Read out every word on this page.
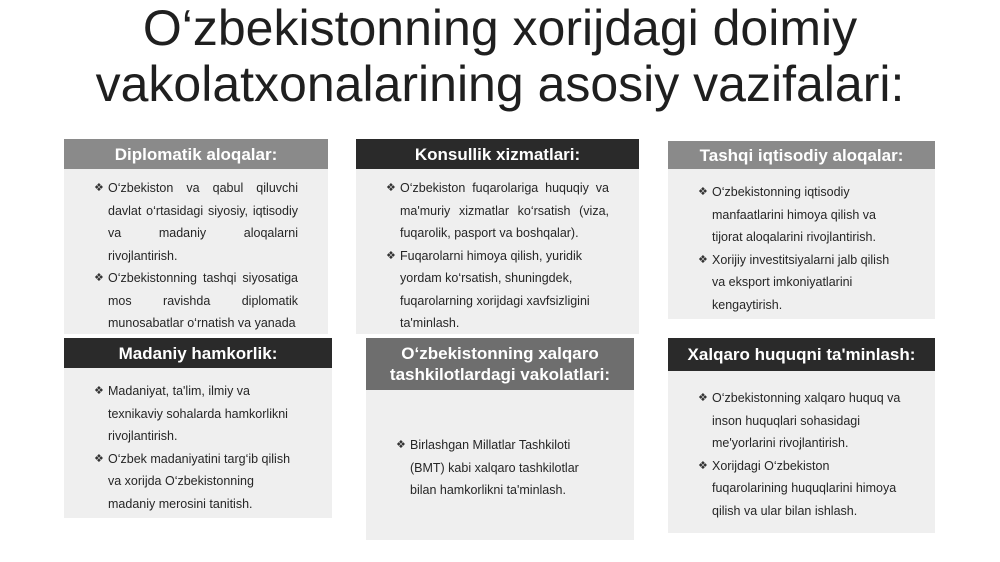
O‘zbekistonning xorijdagi doimiy
vakolatxonalarining asosiy vazifalari:
Diplomatik aloqalar:
❖ O‘zbekiston va qabul qiluvchi davlat o‘rtasidagi siyosiy, iqtisodiy va madaniy aloqalarni rivojlantirish.
❖ O‘zbekistonning tashqi siyosatiga mos ravishda diplomatik munosabatlar o‘rnatish va yanada
Konsullik xizmatlari:
❖ O‘zbekiston fuqarolariga huquqiy va ma'muriy xizmatlar ko‘rsatish (viza, fuqarolik, pasport va boshqalar).
❖ Fuqarolarni himoya qilish, yuridik yordam ko‘rsatish, shuningdek, fuqarolarning xorijdagi xavfsizligini ta'minlash.
Tashqi iqtisodiy aloqalar:
❖ O‘zbekistonning iqtisodiy manfaatlarini himoya qilish va tijorat aloqalarini rivojlantirish.
❖ Xorijiy investitsiyalarni jalb qilish va eksport imkoniyatlarini kengaytirish.
Madaniy hamkorlik:
❖ Madaniyat, ta'lim, ilmiy va texnikaviy sohalarda hamkorlikni rivojlantirish.
❖ O‘zbek madaniyatini targ‘ib qilish va xorijda O‘zbekistonning madaniy merosini tanitish.
O‘zbekistonning xalqaro
tashkilotlardagi vakolatlari:
❖ Birlashgan Millatlar Tashkiloti (BMT) kabi xalqaro tashkilotlar bilan hamkorlikni ta'minlash.
Xalqaro huquqni ta'minlash:
❖ O‘zbekistonning xalqaro huquq va inson huquqlari sohasidagi me'yorlarini rivojlantirish.
❖ Xorijdagi O‘zbekiston fuqarolarining huquqlarini himoya qilish va ular bilan ishlash.
